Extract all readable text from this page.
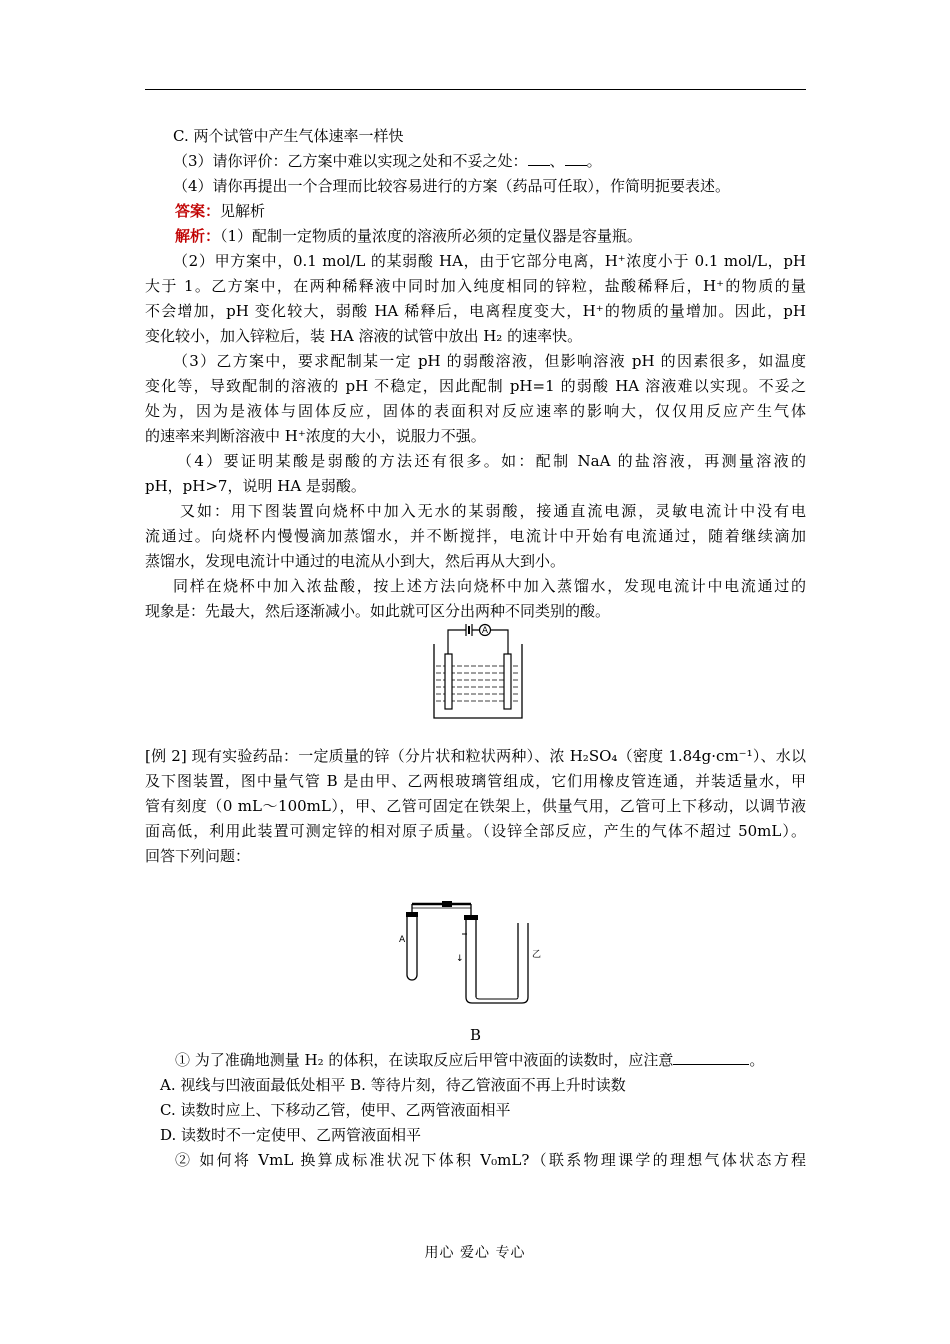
C. 两个试管中产生气体速率一样快
（3）请你评价：乙方案中难以实现之处和不妥之处： 、 。
（4）请你再提出一个合理而比较容易进行的方案（药品可任取），作简明扼要表述。
答案：见解析
解析：（1）配制一定物质的量浓度的溶液所必须的定量仪器是容量瓶。
（2）甲方案中，0.1 mol/L 的某弱酸 HA，由于它部分电离，H⁺浓度小于 0.1 mol/L，pH
大于 1。乙方案中，在两种稀释液中同时加入纯度相同的锌粒，盐酸稀释后，H⁺的物质的量
不会增加，pH 变化较大，弱酸 HA 稀释后，电离程度变大，H⁺的物质的量增加。因此，pH
变化较小，加入锌粒后，装 HA 溶液的试管中放出 H₂ 的速率快。
（3）乙方案中，要求配制某一定 pH 的弱酸溶液，但影响溶液 pH 的因素很多，如温度
变化等，导致配制的溶液的 pH 不稳定，因此配制 pH=1 的弱酸 HA 溶液难以实现。不妥之
处为，因为是液体与固体反应，固体的表面积对反应速率的影响大，仅仅用反应产生气体
的速率来判断溶液中 H⁺浓度的大小，说服力不强。
（4）要证明某酸是弱酸的方法还有很多。如：配制 NaA 的盐溶液，再测量溶液的
pH，pH>7，说明 HA 是弱酸。
又如：用下图装置向烧杯中加入无水的某弱酸，接通直流电源，灵敏电流计中没有电
流通过。向烧杯内慢慢滴加蒸馏水，并不断搅拌，电流计中开始有电流通过，随着继续滴加
蒸馏水，发现电流计中通过的电流从小到大，然后再从大到小。
同样在烧杯中加入浓盐酸，按上述方法向烧杯中加入蒸馏水，发现电流计中电流通过的
现象是：先最大，然后逐渐减小。如此就可区分出两种不同类别的酸。
A
[例 2] 现有实验药品：一定质量的锌（分片状和粒状两种）、浓 H₂SO₄（密度 1.84g·cm⁻¹）、水以
及下图装置，图中量气管 B 是由甲、乙两根玻璃管组成，它们用橡皮管连通，并装适量水，甲
管有刻度（0 mL～100mL），甲、乙管可固定在铁架上，供量气用，乙管可上下移动，以调节液
面高低，利用此装置可测定锌的相对原子质量。（设锌全部反应，产生的气体不超过 50mL）。
回答下列问题：
A
↓	乙
B
① 为了准确地测量 H₂ 的体积，在读取反应后甲管中液面的读数时，应注意	。
A. 视线与凹液面最低处相平 B. 等待片刻，待乙管液面不再上升时读数
C. 读数时应上、下移动乙管，使甲、乙两管液面相平
D. 读数时不一定使甲、乙两管液面相平
② 如何将 VmL 换算成标准状况下体积 V₀mL?（联系物理课学的理想气体状态方程
用心 爱心 专心
